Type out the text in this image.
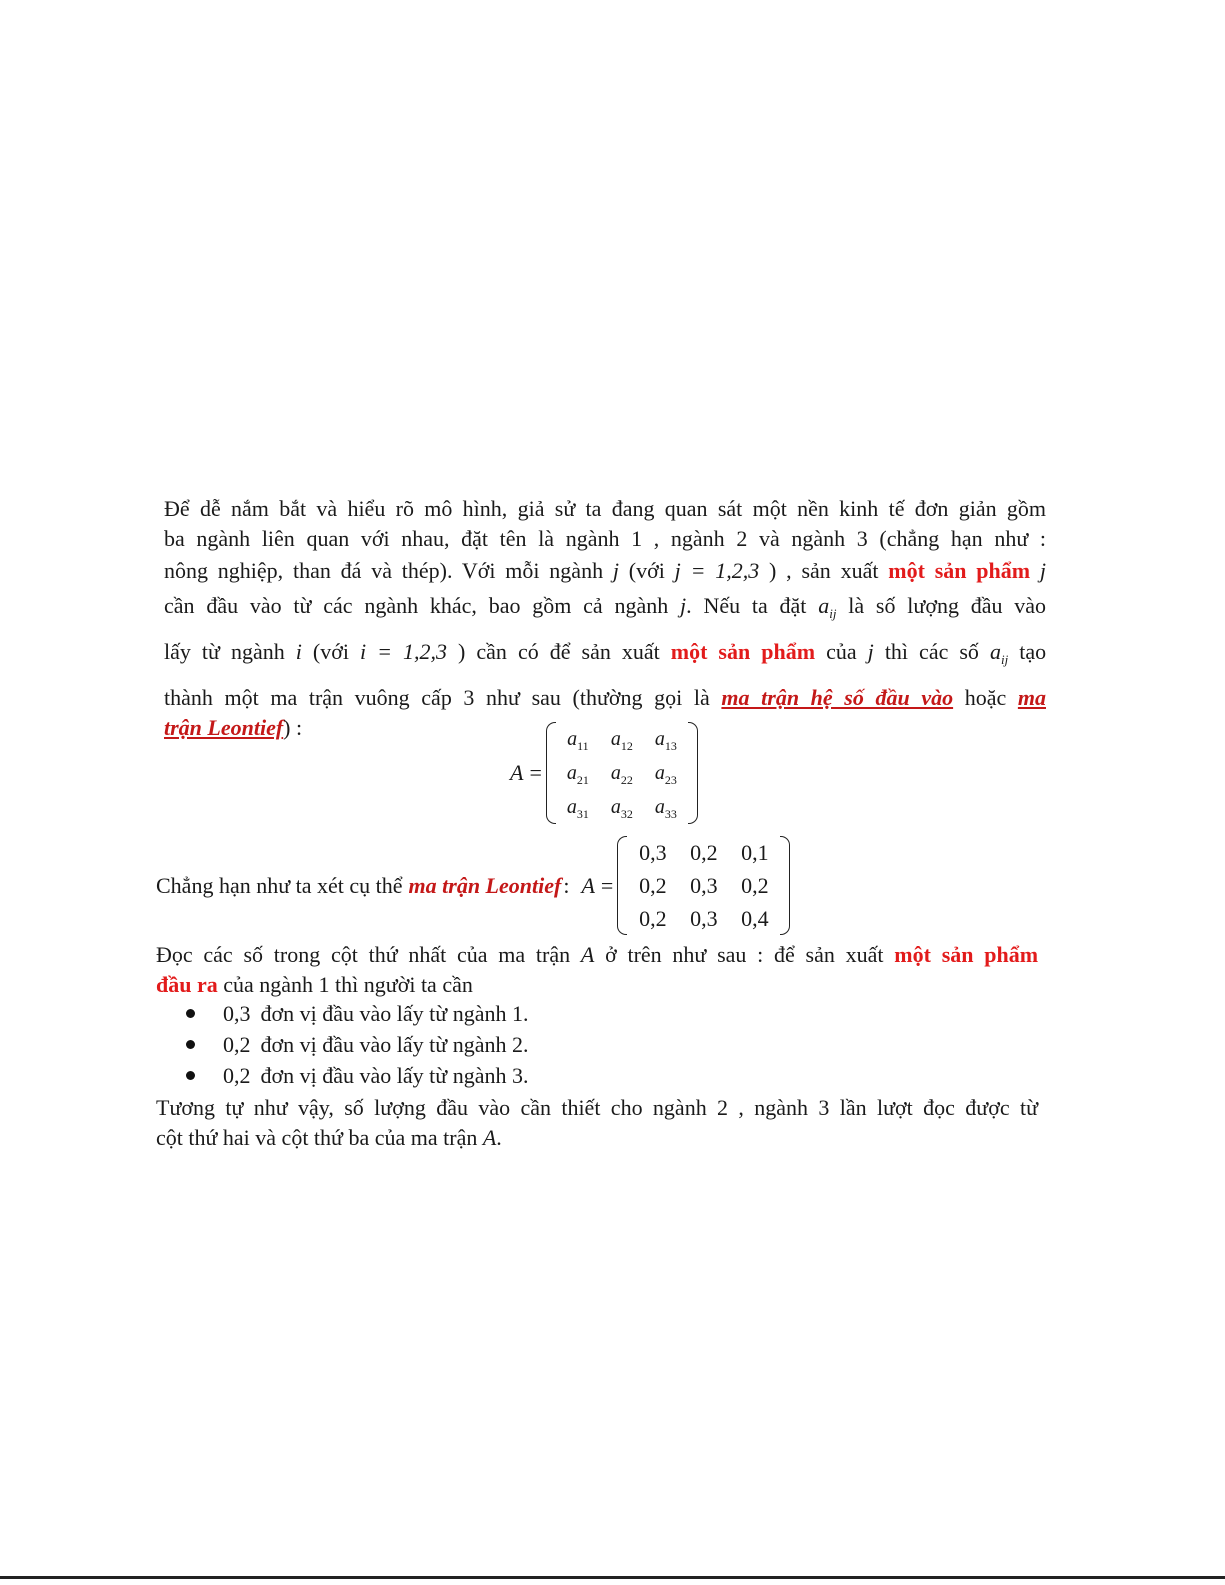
Để dễ nắm bắt và hiểu rõ mô hình, giả sử ta đang quan sát một nền kinh tế đơn giản gồm
ba ngành liên quan với nhau, đặt tên là ngành 1 , ngành 2 và ngành 3 (chẳng hạn như :
nông nghiệp, than đá và thép). Với mỗi ngành j (với j = 1,2,3 ) , sản xuất một sản phẩm j
cần đầu vào từ các ngành khác, bao gồm cả ngành j. Nếu ta đặt $a_{ij}$ là số lượng đầu vào
lấy từ ngành i (với i = 1,2,3 ) cần có để sản xuất một sản phẩm của j thì các số $a_{ij}$ tạo
thành một ma trận vuông cấp 3 như sau (thường gọi là ma trận hệ số đầu vào hoặc ma
trận Leontief) :
A =
$a_{11}$	$a_{12}$	$a_{13}$
$a_{21}$	$a_{22}$	$a_{23}$
$a_{31}$	$a_{32}$	$a_{33}$
Chẳng hạn như ta xét cụ thể ma trận Leontief : A =
0,3	0,2	0,1
0,2	0,3	0,2
0,2	0,3	0,4
Đọc các số trong cột thứ nhất của ma trận A ở trên như sau : để sản xuất một sản phẩm
đầu ra của ngành 1 thì người ta cần
0,3 đơn vị đầu vào lấy từ ngành 1.
0,2 đơn vị đầu vào lấy từ ngành 2.
0,2 đơn vị đầu vào lấy từ ngành 3.
Tương tự như vậy, số lượng đầu vào cần thiết cho ngành 2 , ngành 3 lần lượt đọc được từ
cột thứ hai và cột thứ ba của ma trận A.
